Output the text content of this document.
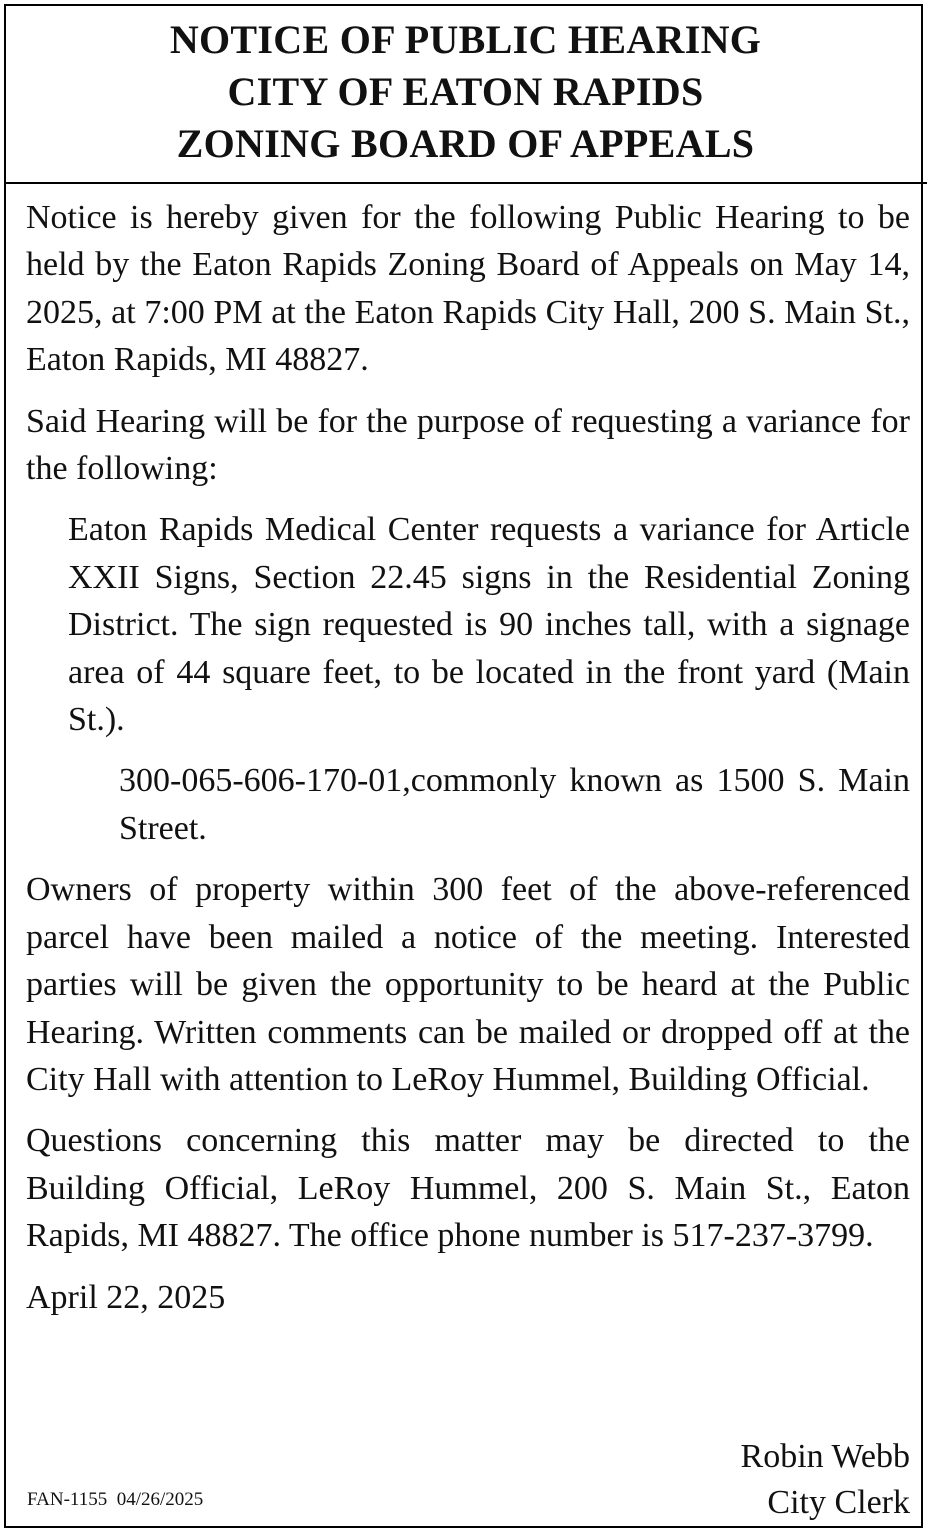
NOTICE OF PUBLIC HEARING
CITY OF EATON RAPIDS
ZONING BOARD OF APPEALS

Notice is hereby given for the following Public Hearing to be held by the Eaton Rapids Zoning Board of Appeals on May 14, 2025, at 7:00 PM at the Eaton Rapids City Hall, 200 S. Main St., Eaton Rapids, MI 48827.

Said Hearing will be for the purpose of requesting a variance for the following:

Eaton Rapids Medical Center requests a variance for Article XXII Signs, Section 22.45 signs in the Residential Zoning District. The sign requested is 90 inches tall, with a signage area of 44 square feet, to be located in the front yard (Main St.).

300-065-606-170-01,commonly known as 1500 S. Main Street.

Owners of property within 300 feet of the above-referenced parcel have been mailed a notice of the meeting. Interested parties will be given the opportunity to be heard at the Public Hearing. Written comments can be mailed or dropped off at the City Hall with attention to LeRoy Hummel, Building Official.

Questions concerning this matter may be directed to the Building Official, LeRoy Hummel, 200 S. Main St., Eaton Rapids, MI 48827. The office phone number is 517-237-3799.

April 22, 2025

Robin Webb
City Clerk
FAN-1155  04/26/2025
